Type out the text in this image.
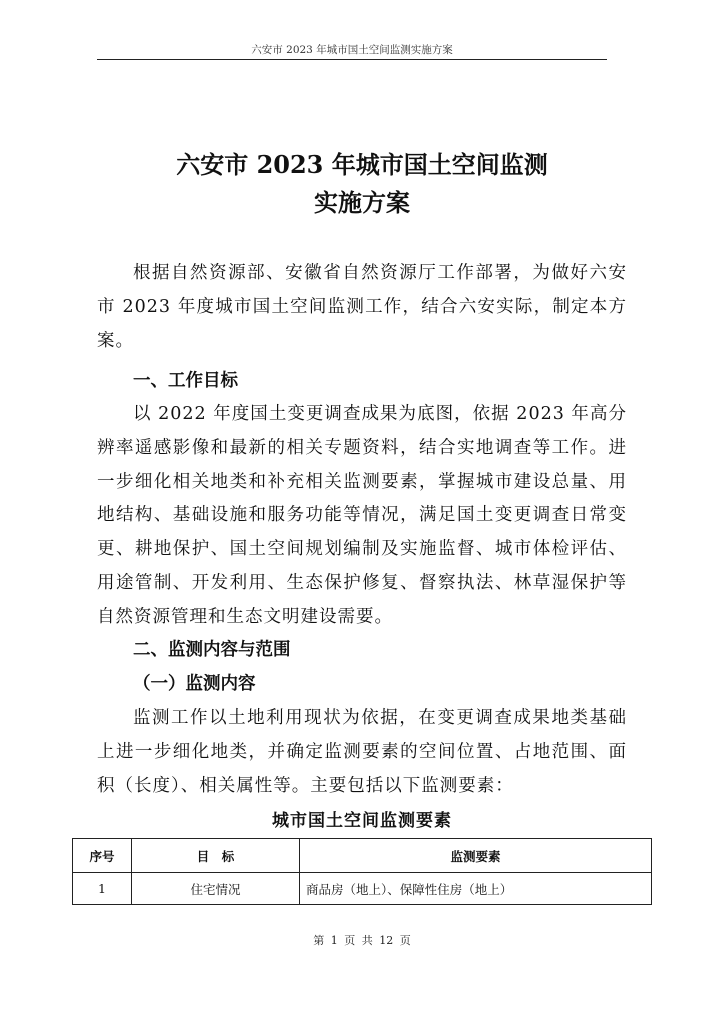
六安市 2023 年城市国土空间监测实施方案
六安市 2023 年城市国土空间监测
实施方案

根据自然资源部、安徽省自然资源厅工作部署，为做好六安市 2023 年度城市国土空间监测工作，结合六安实际，制定本方案。

一、工作目标

以 2022 年度国土变更调查成果为底图，依据 2023 年高分辨率遥感影像和最新的相关专题资料，结合实地调查等工作。进一步细化相关地类和补充相关监测要素，掌握城市建设总量、用地结构、基础设施和服务功能等情况，满足国土变更调查日常变更、耕地保护、国土空间规划编制及实施监督、城市体检评估、用途管制、开发利用、生态保护修复、督察执法、林草湿保护等自然资源管理和生态文明建设需要。

二、监测内容与范围
（一）监测内容

监测工作以土地利用现状为依据，在变更调查成果地类基础上进一步细化地类，并确定监测要素的空间位置、占地范围、面积（长度）、相关属性等。主要包括以下监测要素：

城市国土空间监测要素
序号	目　标	监测要素
1	住宅情况	商品房（地上）、保障性住房（地上）
第 1 页 共 12 页
